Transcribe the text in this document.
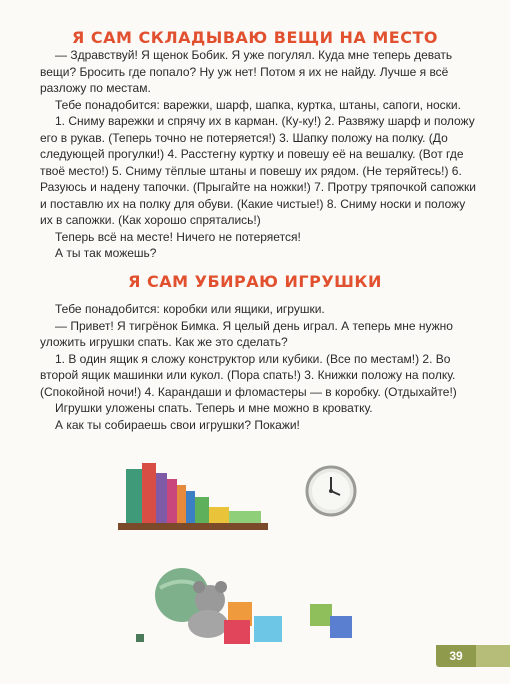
Я САМ СКЛАДЫВАЮ ВЕЩИ НА МЕСТО

— Здравствуй! Я щенок Бобик. Я уже погулял. Куда мне теперь девать вещи? Бросить где попало? Ну уж нет! Потом я их не найду. Лучше я всё разложу по местам.

Тебе понадобится: варежки, шарф, шапка, куртка, штаны, сапоги, носки.

1. Сниму варежки и спрячу их в карман. (Ку-ку!) 2. Развяжу шарф и положу его в рукав. (Теперь точно не потеряется!) 3. Шапку положу на полку. (До следующей прогулки!) 4. Расстегну куртку и повешу её на вешалку. (Вот где твоё место!) 5. Сниму тёплые штаны и повешу их рядом. (Не теряйтесь!) 6. Разуюсь и надену тапочки. (Прыгайте на ножки!) 7. Протру тряпочкой сапожки и поставлю их на полку для обуви. (Какие чистые!) 8. Сниму носки и положу их в сапожки. (Как хорошо спрятались!)

Теперь всё на месте! Ничего не потеряется!

А ты так можешь?

Я САМ УБИРАЮ ИГРУШКИ

Тебе понадобится: коробки или ящики, игрушки.

— Привет! Я тигрёнок Бимка. Я целый день играл. А теперь мне нужно уложить игрушки спать. Как же это сделать?

1. В один ящик я сложу конструктор или кубики. (Все по местам!) 2. Во второй ящик машинки или кукол. (Пора спать!) 3. Книжки положу на полку. (Спокойной ночи!) 4. Карандаши и фломастеры — в коробку. (Отдыхайте!)

Игрушки уложены спать. Теперь и мне можно в кроватку.

А как ты собираешь свои игрушки? Покажи!

39
